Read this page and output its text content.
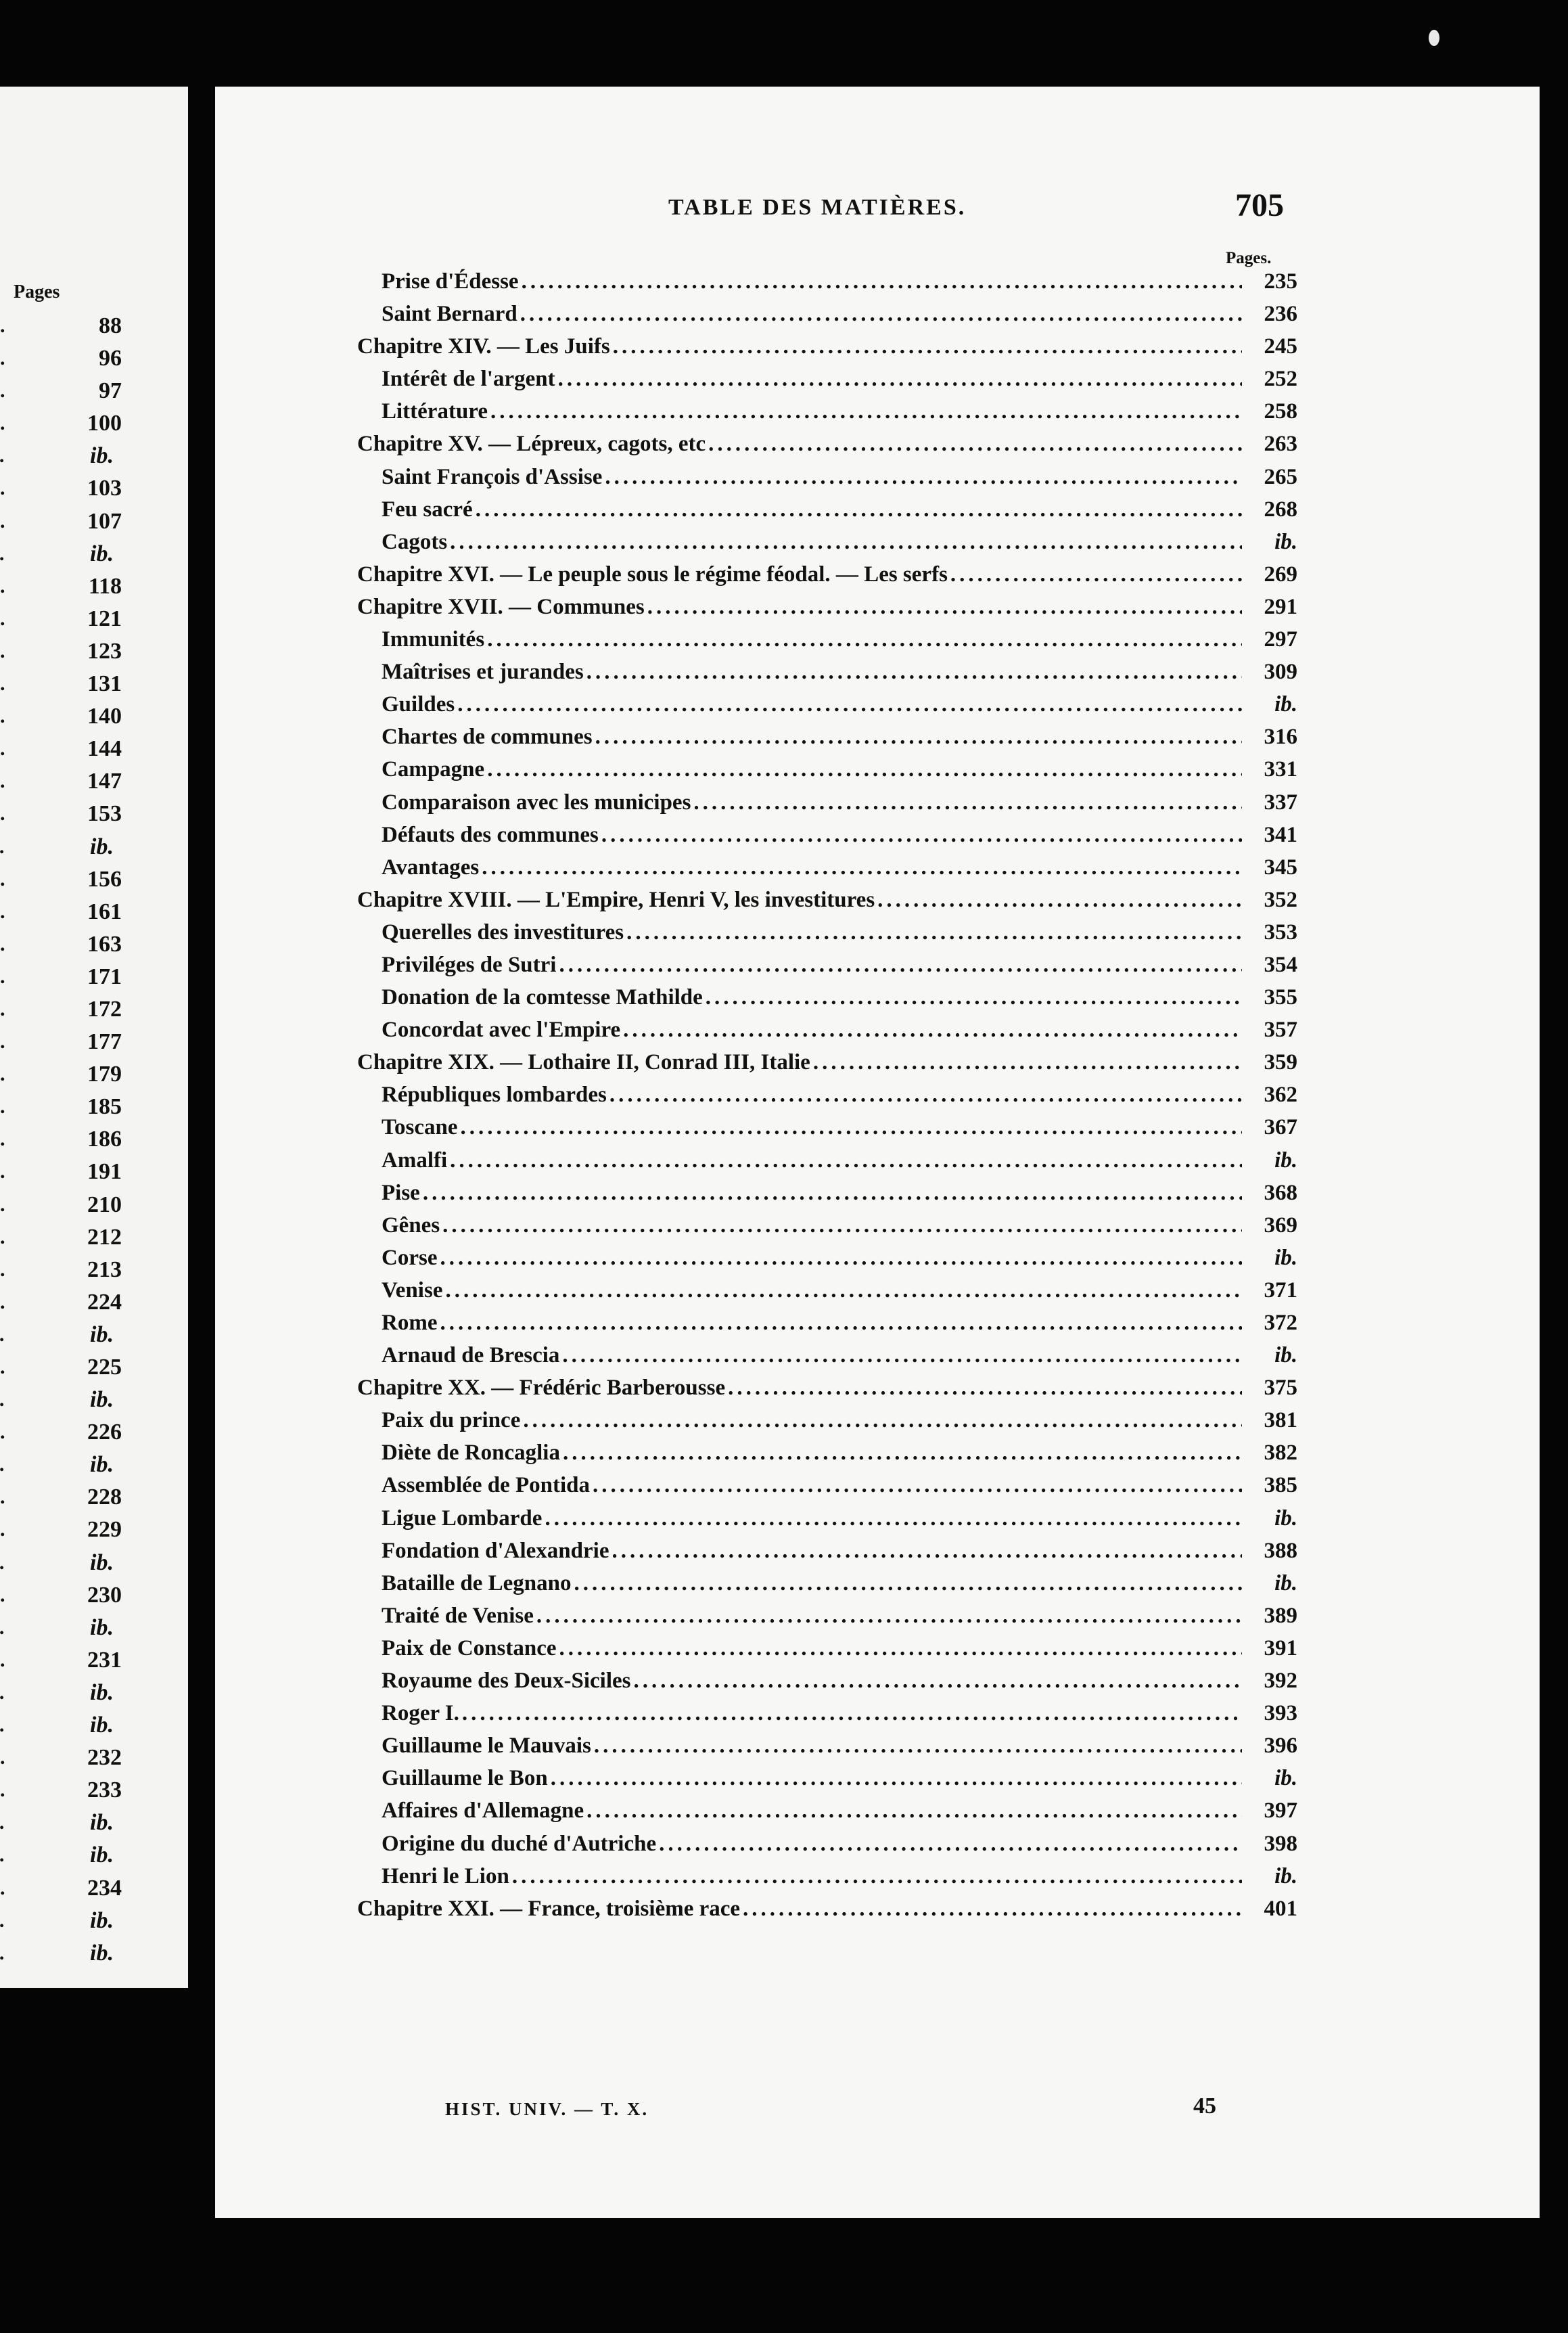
Pages
. 88
. 96
. 97
. 100
. ib.
. 103
. 107
. ib.
. 118
. 121
. 123
. 131
. 140
. 144
. 147
. 153
. ib.
. 156
. 161
. 163
. 171
. 172
. 177
. 179
. 185
. 186
. 191
. 210
. 212
. 213
. 224
. ib.
. 225
. ib.
. 226
. ib.
. 228
. 229
. ib.
. 230
. ib.
. 231
. ib.
. ib.
. 232
. 233
. ib.
. ib.
. 234
. ib.
. ib.
TABLE DES MATIÈRES.	705
Pages.
Prise d'Édesse .....	235
Saint Bernard .....	236
Chapitre XIV. — Les Juifs .....	245
Intérêt de l'argent .....	252
Littérature .....	258
Chapitre XV. — Lépreux, cagots, etc .....	263
Saint François d'Assise .....	265
Feu sacré .....	268
Cagots .....	ib.
Chapitre XVI. — Le peuple sous le régime féodal. — Les serfs .....	269
Chapitre XVII. — Communes .....	291
Immunités .....	297
Maîtrises et jurandes .....	309
Guildes .....	ib.
Chartes de communes .....	316
Campagne .....	331
Comparaison avec les municipes .....	337
Défauts des communes .....	341
Avantages .....	345
Chapitre XVIII. — L'Empire, Henri V, les investitures .....	352
Querelles des investitures .....	353
Priviléges de Sutri .....	354
Donation de la comtesse Mathilde .....	355
Concordat avec l'Empire .....	357
Chapitre XIX. — Lothaire II, Conrad III, Italie .....	359
Républiques lombardes .....	362
Toscane .....	367
Amalfi .....	ib.
Pise .....	368
Gênes .....	369
Corse .....	ib.
Venise .....	371
Rome .....	372
Arnaud de Brescia .....	ib.
Chapitre XX. — Frédéric Barberousse .....	375
Paix du prince .....	381
Diète de Roncaglia .....	382
Assemblée de Pontida .....	385
Ligue Lombarde .....	ib.
Fondation d'Alexandrie .....	388
Bataille de Legnano .....	ib.
Traité de Venise .....	389
Paix de Constance .....	391
Royaume des Deux-Siciles .....	392
Roger I. .....	393
Guillaume le Mauvais .....	396
Guillaume le Bon .....	ib.
Affaires d'Allemagne .....	397
Origine du duché d'Autriche .....	398
Henri le Lion .....	ib.
Chapitre XXI. — France, troisième race .....	401
HIST. UNIV. — T. X.	45
